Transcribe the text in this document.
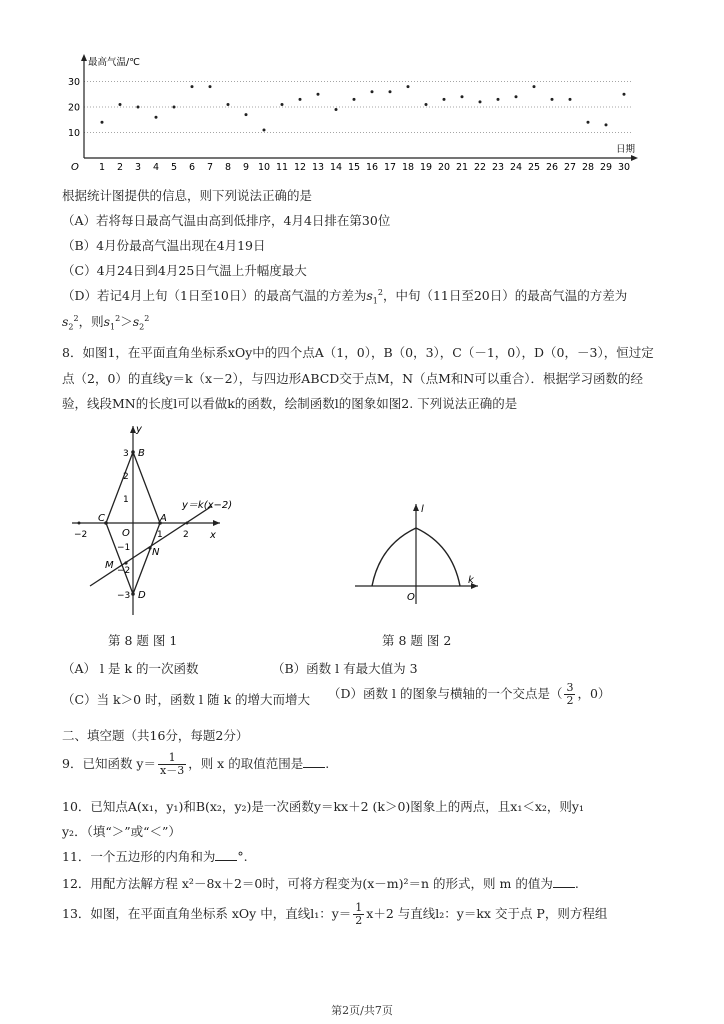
最高气温/℃
日期
O
10
20
30
1 2 3 4 5 6 7 8 9 10 11 12 13 14 15 16 17 18 19 20 21 22 23 24 25 26 27 28 29 30
根据统计图提供的信息，则下列说法正确的是
（A）若将每日最高气温由高到低排序，4月4日排在第30位
（B）4月份最高气温出现在4月19日
（C）4月24日到4月25日气温上升幅度最大
（D）若记4月上旬（1日至10日）的最高气温的方差为$s_1^2$，中旬（11日至20日）的最高气温的方差为
$s_2^2$，则$s_1^2>s_2^2$
8．如图1，在平面直角坐标系xOy中的四个点A（1，0），B（0，3），C（－1，0），D（0，－3），恒过定
点（2，0）的直线y＝k（x－2），与四边形ABCD交于点M，N（点M和N可以重合）．根据学习函数的经
验，线段MN的长度l可以看做k的函数，绘制函数l的图象如图2. 下列说法正确的是
y
x
B
A
C
D
O
M
N
3
2
1
−1
−2
−3
2
1
−2
y＝k(x−2)
第 8 题 图 1
l
k
O
第 8 题 图 2
（A） l 是 k 的一次函数	（B）函数 l 有最大值为 3
（C）当 k＞0 时，函数 l 随 k 的增大而增大 （D）函数 l 的图象与横轴的一个交点是（ $\frac{3}{2}$ ，0）
二、填空题（共16分，每题2分）
9．已知函数 $y= \frac{1}{x-3}$ ，则 x 的取值范围是 .
10．已知点A(x₁，y₁)和B(x₂，y₂)是一次函数y＝kx＋2 (k＞0)图象上的两点，且x₁＜x₂，则y₁
y₂．（填“＞”或“＜”）
11．一个五边形的内角和为 °.
12．用配方法解方程 x²－8x＋2＝0时，可将方程变为(x－m)²＝n 的形式，则 m 的值为 .
13．如图，在平面直角坐标系 xOy 中，直线l₁：$y= \frac{1}{2} x+2$ 与直线l₂：y＝kx 交于点 P，则方程组
第2页/共7页
